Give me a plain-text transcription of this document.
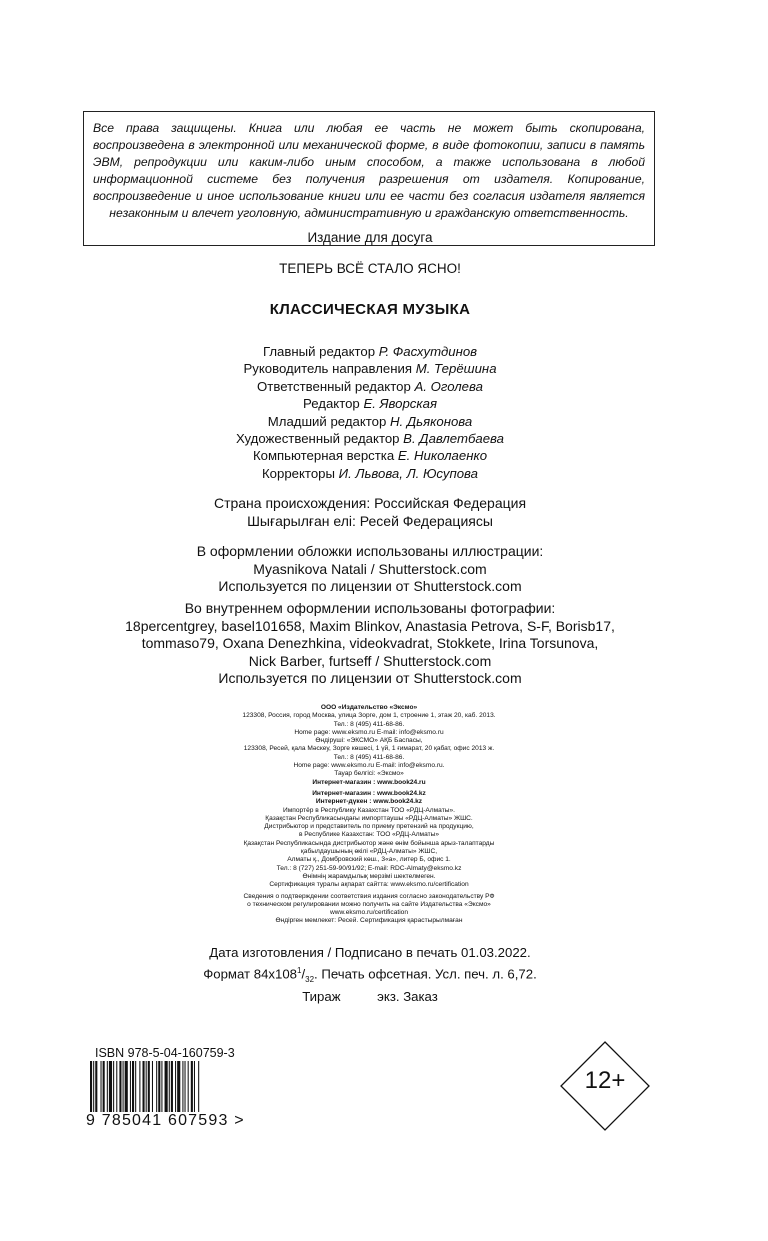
Все права защищены. Книга или любая ее часть не может быть скопирована, воспроизведена в электронной или механической форме, в виде фотокопии, записи в память ЭВМ, репродукции или каким-либо иным способом, а также использована в любой информационной системе без получения разрешения от издателя. Копирование, воспроизведение и иное использование книги или ее части без согласия издателя является незаконным и влечет уголовную, административную и гражданскую ответственность.
Издание для досуга
ТЕПЕРЬ ВСЁ СТАЛО ЯСНО!
КЛАССИЧЕСКАЯ МУЗЫКА
Главный редактор Р. Фасхутдинов
Руководитель направления М. Терёшина
Ответственный редактор А. Оголева
Редактор Е. Яворская
Младший редактор Н. Дьяконова
Художественный редактор В. Давлетбаева
Компьютерная верстка Е. Николаенко
Корректоры И. Львова, Л. Юсупова
Страна происхождения: Российская Федерация
Шығарылған елі: Ресей Федерациясы
В оформлении обложки использованы иллюстрации:
Myasnikova Natali / Shutterstock.com
Используется по лицензии от Shutterstock.com
Во внутреннем оформлении использованы фотографии:
18percentgrey, basel101658, Maxim Blinkov, Anastasia Petrova, S-F, Borisb17,
tommaso79, Oxana Denezhkina, videokvadrat, Stokkete, Irina Torsunova,
Nick Barber, furtseff / Shutterstock.com
Используется по лицензии от Shutterstock.com
ООО «Издательство «Эксмо»
123308, Россия, город Москва, улица Зорге, дом 1, строение 1, этаж 20, каб. 2013.
Тел.: 8 (495) 411-68-86.
Home page: www.eksmo.ru E-mail: info@eksmo.ru
Өндіруші: «ЭКСМО» АҚБ Баспасы,
123308, Ресей, қала Мәскеу, Зорге көшесі, 1 үй, 1 ғимарат, 20 қабат, офис 2013 ж.
Тел.: 8 (495) 411-68-86.
Home page: www.eksmo.ru E-mail: info@eksmo.ru.
Тауар белгісі: «Эксмо»
Интернет-магазин : www.book24.ru
Интернет-магазин : www.book24.kz
Интернет-дүкен : www.book24.kz
Импортёр в Республику Казахстан ТОО «РДЦ-Алматы».
Қазақстан Республикасындағы импорттаушы «РДЦ-Алматы» ЖШС.
Дистрибьютор и представитель по приему претензий на продукцию,
в Республике Казахстан: ТОО «РДЦ-Алматы»
Қазақстан Республикасында дистрибьютор және өнім бойынша арыз-талаптарды
қабылдаушының өкілі «РДЦ-Алматы» ЖШС,
Алматы қ., Домбровский көш., 3«а», литер Б, офис 1.
Тел.: 8 (727) 251-59-90/91/92; E-mail: RDC-Almaty@eksmo.kz
Өнімнің жарамдылық мерзімі шектелмеген.
Сертификация туралы ақпарат сайтта: www.eksmo.ru/certification
Сведения о подтверждении соответствия издания согласно законодательству РФ
о техническом регулировании можно получить на сайте Издательства «Эксмо»
www.eksmo.ru/certification
Өндірген мемлекет: Ресей. Сертификация қарастырылмаған
Дата изготовления / Подписано в печать 01.03.2022.
Формат $84x108^1/_{32}$. Печать офсетная. Усл. печ. л. 6,72.
Тираж	экз. Заказ
ISBN 978-5-04-160759-3
9 785041 607593 >
12+
